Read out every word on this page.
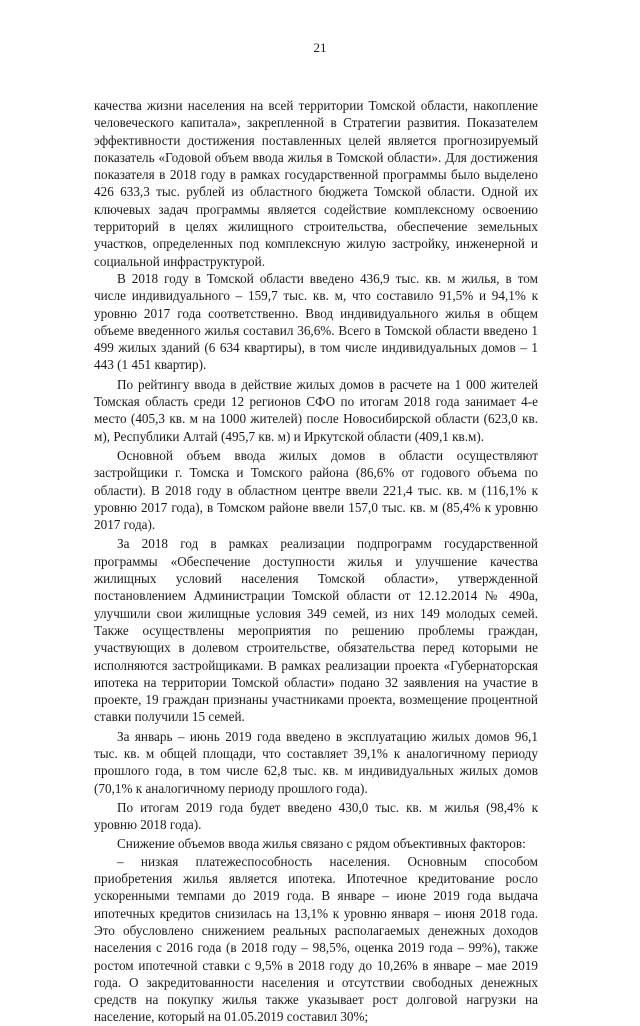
21

качества жизни населения на всей территории Томской области, накопление человеческого капитала», закрепленной в Стратегии развития. Показателем эффективности достижения поставленных целей является прогнозируемый показатель «Годовой объем ввода жилья в Томской области». Для достижения показателя в 2018 году в рамках государственной программы было выделено 426 633,3 тыс. рублей из областного бюджета Томской области. Одной их ключевых задач программы является содействие комплексному освоению территорий в целях жилищного строительства, обеспечение земельных участков, определенных под комплексную жилую застройку, инженерной и социальной инфраструктурой.

В 2018 году в Томской области введено 436,9 тыс. кв. м жилья, в том числе индивидуального – 159,7 тыс. кв. м, что составило 91,5% и 94,1% к уровню 2017 года соответственно. Ввод индивидуального жилья в общем объеме введенного жилья составил 36,6%. Всего в Томской области введено 1 499 жилых зданий (6 634 квартиры), в том числе индивидуальных домов – 1 443 (1 451 квартир).

По рейтингу ввода в действие жилых домов в расчете на 1 000 жителей Томская область среди 12 регионов СФО по итогам 2018 года занимает 4-е место (405,3 кв. м на 1000 жителей) после Новосибирской области (623,0 кв. м), Республики Алтай (495,7 кв. м) и Иркутской области (409,1 кв.м).

Основной объем ввода жилых домов в области осуществляют застройщики г. Томска и Томского района (86,6% от годового объема по области). В 2018 году в областном центре ввели 221,4 тыс. кв. м (116,1% к уровню 2017 года), в Томском районе ввели 157,0 тыс. кв. м (85,4% к уровню 2017 года).

За 2018 год в рамках реализации подпрограмм государственной программы «Обеспечение доступности жилья и улучшение качества жилищных условий населения Томской области», утвержденной постановлением Администрации Томской области от 12.12.2014 № 490а, улучшили свои жилищные условия 349 семей, из них 149 молодых семей. Также осуществлены мероприятия по решению проблемы граждан, участвующих в долевом строительстве, обязательства перед которыми не исполняются застройщиками. В рамках реализации проекта «Губернаторская ипотека на территории Томской области» подано 32 заявления на участие в проекте, 19 граждан признаны участниками проекта, возмещение процентной ставки получили 15 семей.

За январь – июнь 2019 года введено в эксплуатацию жилых домов 96,1 тыс. кв. м общей площади, что составляет 39,1% к аналогичному периоду прошлого года, в том числе 62,8 тыс. кв. м индивидуальных жилых домов (70,1% к аналогичному периоду прошлого года).

По итогам 2019 года будет введено 430,0 тыс. кв. м жилья (98,4% к уровню 2018 года).

Снижение объемов ввода жилья связано с рядом объективных факторов:

– низкая платежеспособность населения. Основным способом приобретения жилья является ипотека. Ипотечное кредитование росло ускоренными темпами до 2019 года. В январе – июне 2019 года выдача ипотечных кредитов снизилась на 13,1% к уровню января – июня 2018 года. Это обусловлено снижением реальных располагаемых денежных доходов населения с 2016 года (в 2018 году – 98,5%, оценка 2019 года – 99%), также ростом ипотечной ставки с 9,5% в 2018 году до 10,26% в январе – мае 2019 года. О закредитованности населения и отсутствии свободных денежных средств на покупку жилья также указывает рост долговой нагрузки на население, который на 01.05.2019 составил 30%;
